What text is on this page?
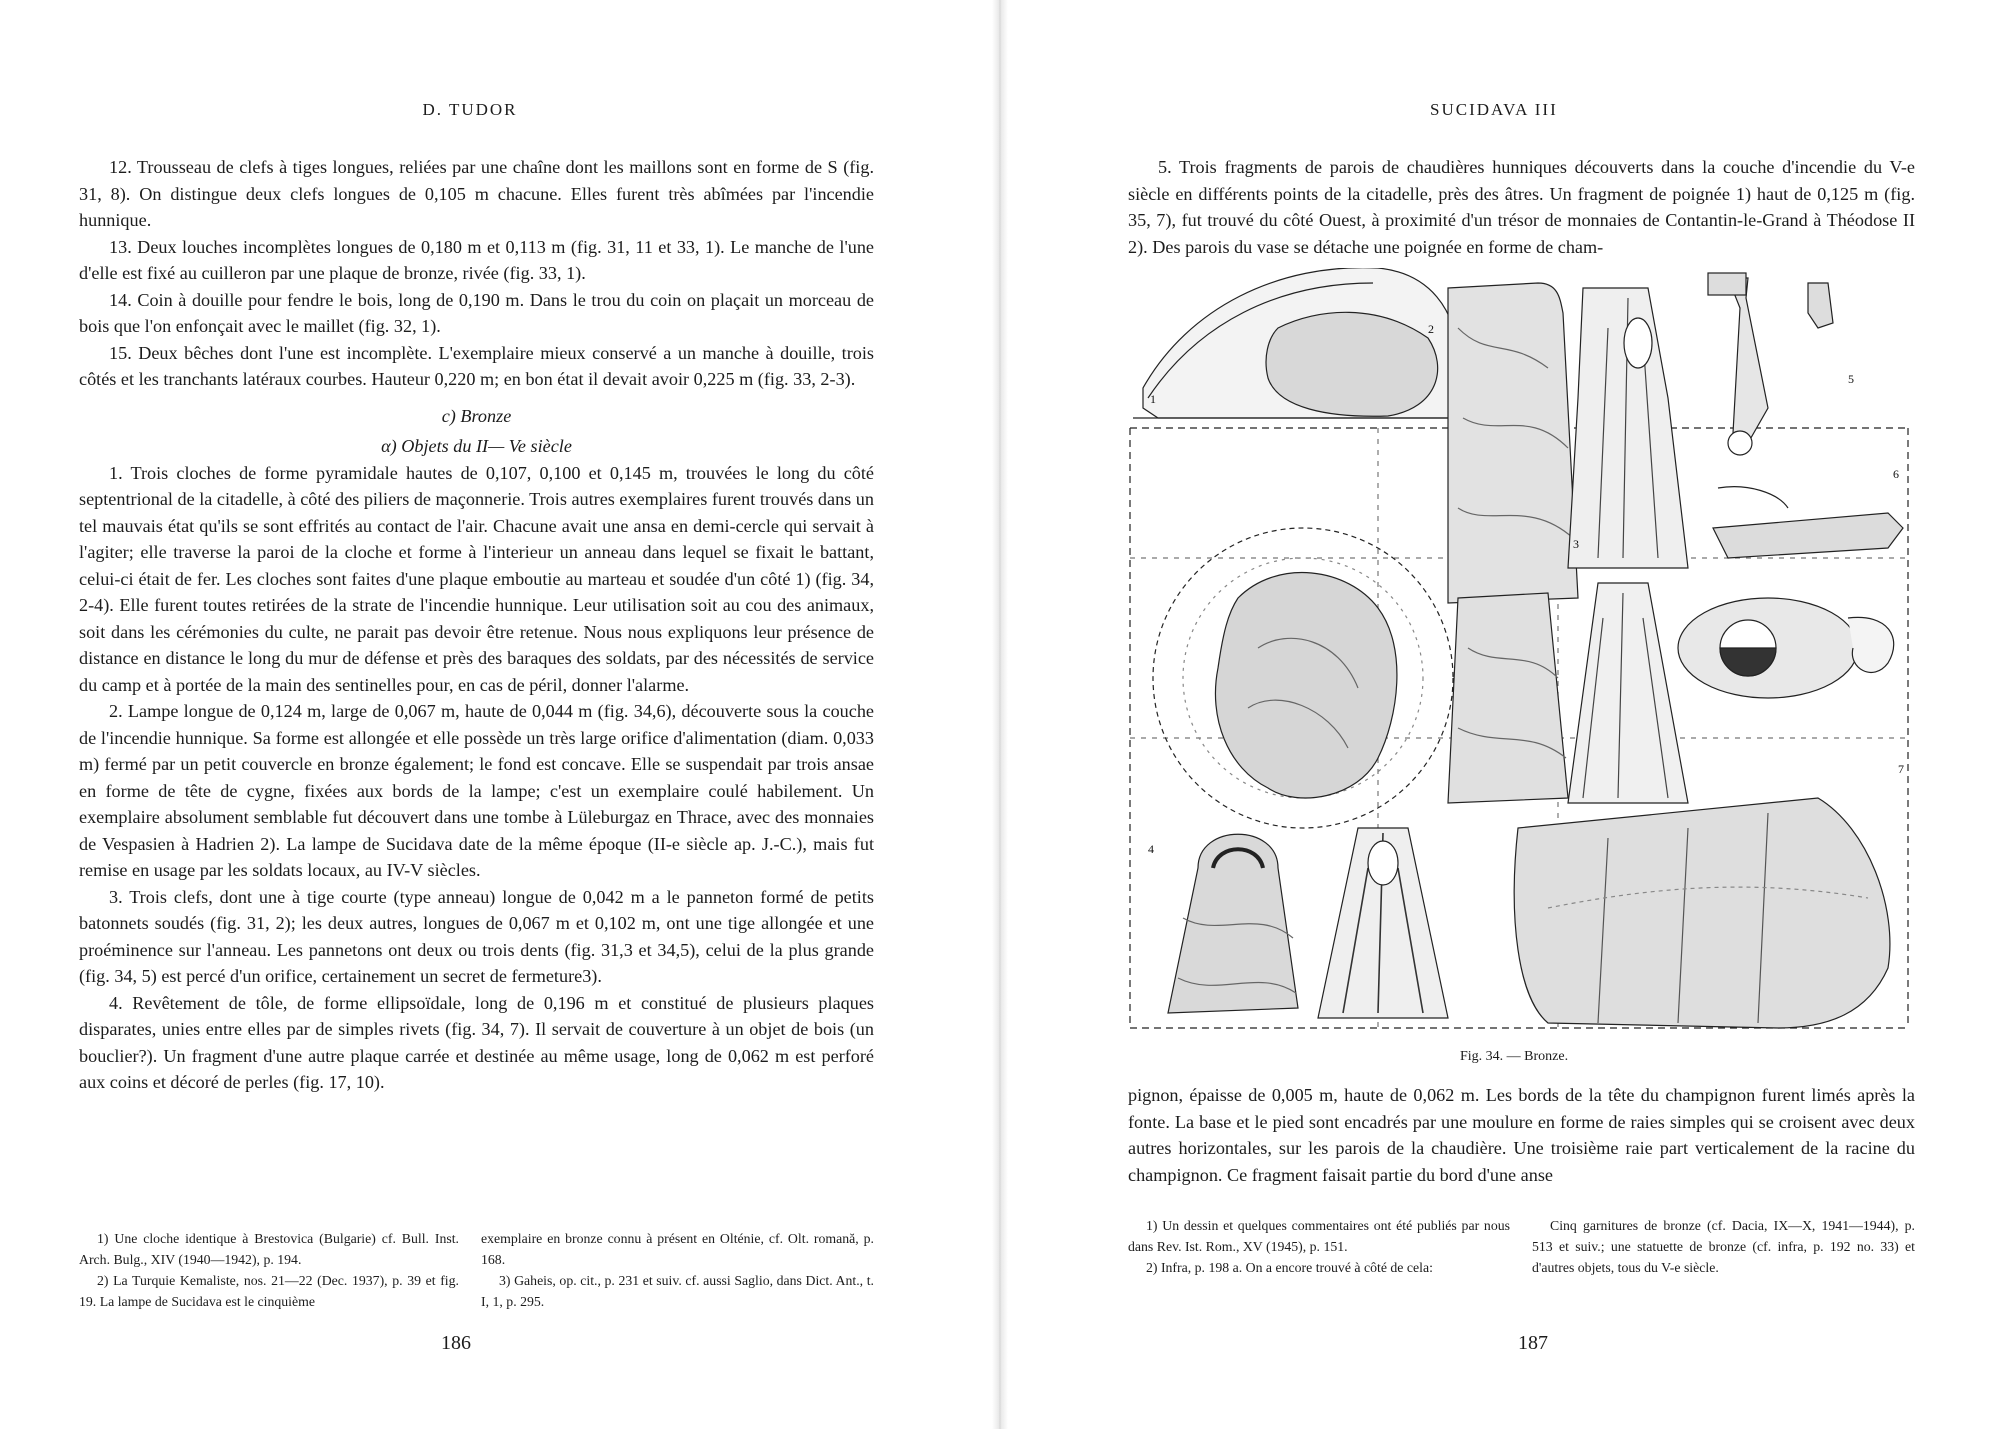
D. TUDOR

12. Trousseau de clefs à tiges longues, reliées par une chaîne dont les maillons sont en forme de S (fig. 31, 8). On distingue deux clefs longues de 0,105 m chacune. Elles furent très abîmées par l'incendie hunnique.

13. Deux louches incomplètes longues de 0,180 m et 0,113 m (fig. 31, 11 et 33, 1). Le manche de l'une d'elle est fixé au cuilleron par une plaque de bronze, rivée (fig. 33, 1).

14. Coin à douille pour fendre le bois, long de 0,190 m. Dans le trou du coin on plaçait un morceau de bois que l'on enfonçait avec le maillet (fig. 32, 1).

15. Deux bêches dont l'une est incomplète. L'exemplaire mieux conservé a un manche à douille, trois côtés et les tranchants latéraux courbes. Hauteur 0,220 m; en bon état il devait avoir 0,225 m (fig. 33, 2-3).

c) Bronze

α) Objets du II— Ve siècle

1. Trois cloches de forme pyramidale hautes de 0,107, 0,100 et 0,145 m, trouvées le long du côté septentrional de la citadelle, à côté des piliers de maçonnerie. Trois autres exemplaires furent trouvés dans un tel mauvais état qu'ils se sont effrités au contact de l'air. Chacune avait une ansa en demi-cercle qui servait à l'agiter; elle traverse la paroi de la cloche et forme à l'interieur un anneau dans lequel se fixait le battant, celui-ci était de fer. Les cloches sont faites d'une plaque emboutie au marteau et soudée d'un côté 1) (fig. 34, 2-4). Elle furent toutes retirées de la strate de l'incendie hunnique. Leur utilisation soit au cou des animaux, soit dans les cérémonies du culte, ne parait pas devoir être retenue. Nous nous expliquons leur présence de distance en distance le long du mur de défense et près des baraques des soldats, par des nécessités de service du camp et à portée de la main des sentinelles pour, en cas de péril, donner l'alarme.

2. Lampe longue de 0,124 m, large de 0,067 m, haute de 0,044 m (fig. 34,6), découverte sous la couche de l'incendie hunnique. Sa forme est allongée et elle possède un très large orifice d'alimentation (diam. 0,033 m) fermé par un petit couvercle en bronze également; le fond est concave. Elle se suspendait par trois ansae en forme de tête de cygne, fixées aux bords de la lampe; c'est un exemplaire coulé habilement. Un exemplaire absolument semblable fut découvert dans une tombe à Lüleburgaz en Thrace, avec des monnaies de Vespasien à Hadrien 2). La lampe de Sucidava date de la même époque (II-e siècle ap. J.-C.), mais fut remise en usage par les soldats locaux, au IV-V siècles.

3. Trois clefs, dont une à tige courte (type anneau) longue de 0,042 m a le panneton formé de petits batonnets soudés (fig. 31, 2); les deux autres, longues de 0,067 m et 0,102 m, ont une tige allongée et une proéminence sur l'anneau. Les pannetons ont deux ou trois dents (fig. 31,3 et 34,5), celui de la plus grande (fig. 34, 5) est percé d'un orifice, certainement un secret de fermeture3).

4. Revêtement de tôle, de forme ellipsoïdale, long de 0,196 m et constitué de plusieurs plaques disparates, unies entre elles par de simples rivets (fig. 34, 7). Il servait de couverture à un objet de bois (un bouclier?). Un fragment d'une autre plaque carrée et destinée au même usage, long de 0,062 m est perforé aux coins et décoré de perles (fig. 17, 10).

1) Une cloche identique à Brestovica (Bulgarie) cf. Bull. Inst. Arch. Bulg., XIV (1940—1942), p. 194.

2) La Turquie Kemaliste, nos. 21—22 (Dec. 1937), p. 39 et fig. 19. La lampe de Sucidava est le cinquième

exemplaire en bronze connu à présent en Olténie, cf. Olt. romană, p. 168.

3) Gaheis, op. cit., p. 231 et suiv. cf. aussi Saglio, dans Dict. Ant., t. I, 1, p. 295.

186
SUCIDAVA III

5. Trois fragments de parois de chaudières hunniques découverts dans la couche d'incendie du V-e siècle en différents points de la citadelle, près des âtres. Un fragment de poignée 1) haut de 0,125 m (fig. 35, 7), fut trouvé du côté Ouest, à proximité d'un trésor de monnaies de Contantin-le-Grand à Théodose II 2). Des parois du vase se détache une poignée en forme de cham-

pignon, épaisse de 0,005 m, haute de 0,062 m. Les bords de la tête du champignon furent limés après la fonte. La base et le pied sont encadrés par une moulure en forme de raies simples qui se croisent avec deux autres horizontales, sur les parois de la chaudière. Une troisième raie part verticalement de la racine du champignon. Ce fragment faisait partie du bord d'une anse

1) Un dessin et quelques commentaires ont été publiés par nous dans Rev. Ist. Rom., XV (1945), p. 151.

2) Infra, p. 198 a. On a encore trouvé à côté de cela:

Cinq garnitures de bronze (cf. Dacia, IX—X, 1941—1944), p. 513 et suiv.; une statuette de bronze (cf. infra, p. 192 no. 33) et d'autres objets, tous du V-e siècle.

187
1
2
3
4
5
6
7
Fig. 34. — Bronze.
